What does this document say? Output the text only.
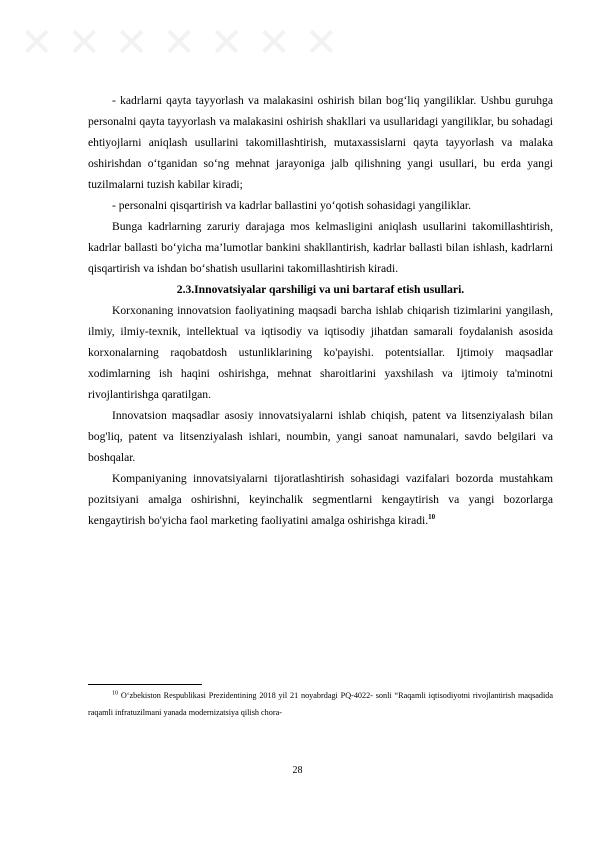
✕ ✕ ✕ ✕ ✕ ✕ ✕

- kadrlarni qayta tayyorlash va malakasini oshirish bilan bog‘liq yangiliklar. Ushbu guruhga personalni qayta tayyorlash va malakasini oshirish shakllari va usullaridagi yangiliklar, bu sohadagi ehtiyojlarni aniqlash usullarini takomillashtirish, mutaxassislarni qayta tayyorlash va malaka oshirishdan o‘tganidan so‘ng mehnat jarayoniga jalb qilishning yangi usullari, bu erda yangi tuzilmalarni tuzish kabilar kiradi;

- personalni qisqartirish va kadrlar ballastini yo‘qotish sohasidagi yangiliklar.

Bunga kadrlarning zaruriy darajaga mos kelmasligini aniqlash usullarini takomillashtirish, kadrlar ballasti bo‘yicha ma’lumotlar bankini shakllantirish, kadrlar ballasti bilan ishlash, kadrlarni qisqartirish va ishdan bo‘shatish usullarini takomillashtirish kiradi.

2.3.Innovatsiyalar qarshiligi va uni bartaraf etish usullari.

Korxonaning innovatsion faoliyatining maqsadi barcha ishlab chiqarish tizimlarini yangilash, ilmiy, ilmiy-texnik, intellektual va iqtisodiy va iqtisodiy jihatdan samarali foydalanish asosida korxonalarning raqobatdosh ustunliklarining ko'payishi. potentsiallar. Ijtimoiy maqsadlar xodimlarning ish haqini oshirishga, mehnat sharoitlarini yaxshilash va ijtimoiy ta'minotni rivojlantirishga qaratilgan.

Innovatsion maqsadlar asosiy innovatsiyalarni ishlab chiqish, patent va litsenziyalash bilan bog'liq, patent va litsenziyalash ishlari, noumbin, yangi sanoat namunalari, savdo belgilari va boshqalar.

Kompaniyaning innovatsiyalarni tijoratlashtirish sohasidagi vazifalari bozorda mustahkam pozitsiyani amalga oshirishni, keyinchalik segmentlarni kengaytirish va yangi bozorlarga kengaytirish bo'yicha faol marketing faoliyatini amalga oshirishga kiradi.$^{10}$

$^{10}$ O‘zbekiston Respublikasi Prezidentining 2018 yil 21 noyabrdagi PQ-4022- sonli “Raqamli iqtisodiyotni rivojlantirish maqsadida raqamli infratuzilmani yanada modernizatsiya qilish chora-
28
